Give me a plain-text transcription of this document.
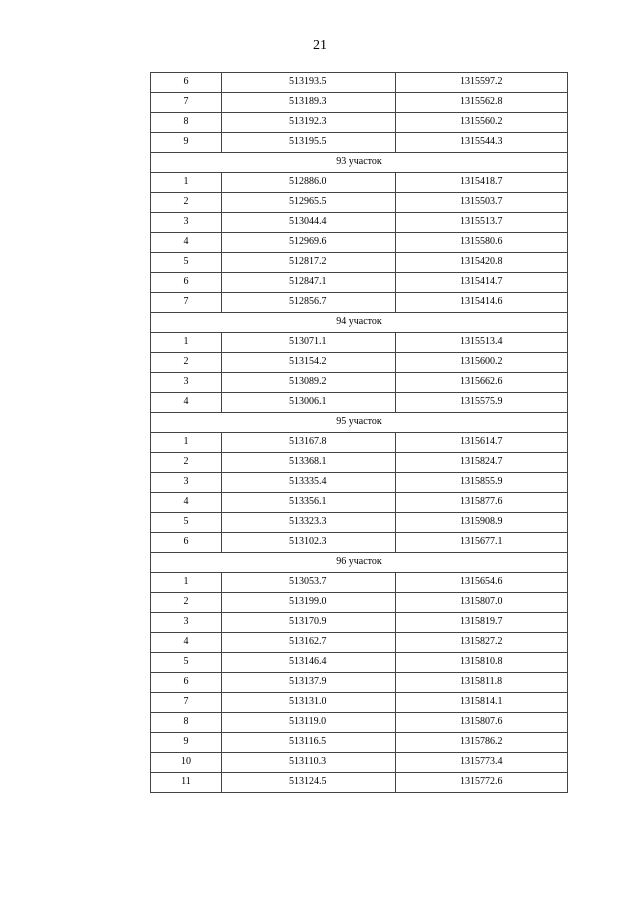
21
6	513193.5	1315597.2
7	513189.3	1315562.8
8	513192.3	1315560.2
9	513195.5	1315544.3
93 участок		
1	512886.0	1315418.7
2	512965.5	1315503.7
3	513044.4	1315513.7
4	512969.6	1315580.6
5	512817.2	1315420.8
6	512847.1	1315414.7
7	512856.7	1315414.6
94 участок		
1	513071.1	1315513.4
2	513154.2	1315600.2
3	513089.2	1315662.6
4	513006.1	1315575.9
95 участок		
1	513167.8	1315614.7
2	513368.1	1315824.7
3	513335.4	1315855.9
4	513356.1	1315877.6
5	513323.3	1315908.9
6	513102.3	1315677.1
96 участок		
1	513053.7	1315654.6
2	513199.0	1315807.0
3	513170.9	1315819.7
4	513162.7	1315827.2
5	513146.4	1315810.8
6	513137.9	1315811.8
7	513131.0	1315814.1
8	513119.0	1315807.6
9	513116.5	1315786.2
10	513110.3	1315773.4
11	513124.5	1315772.6
